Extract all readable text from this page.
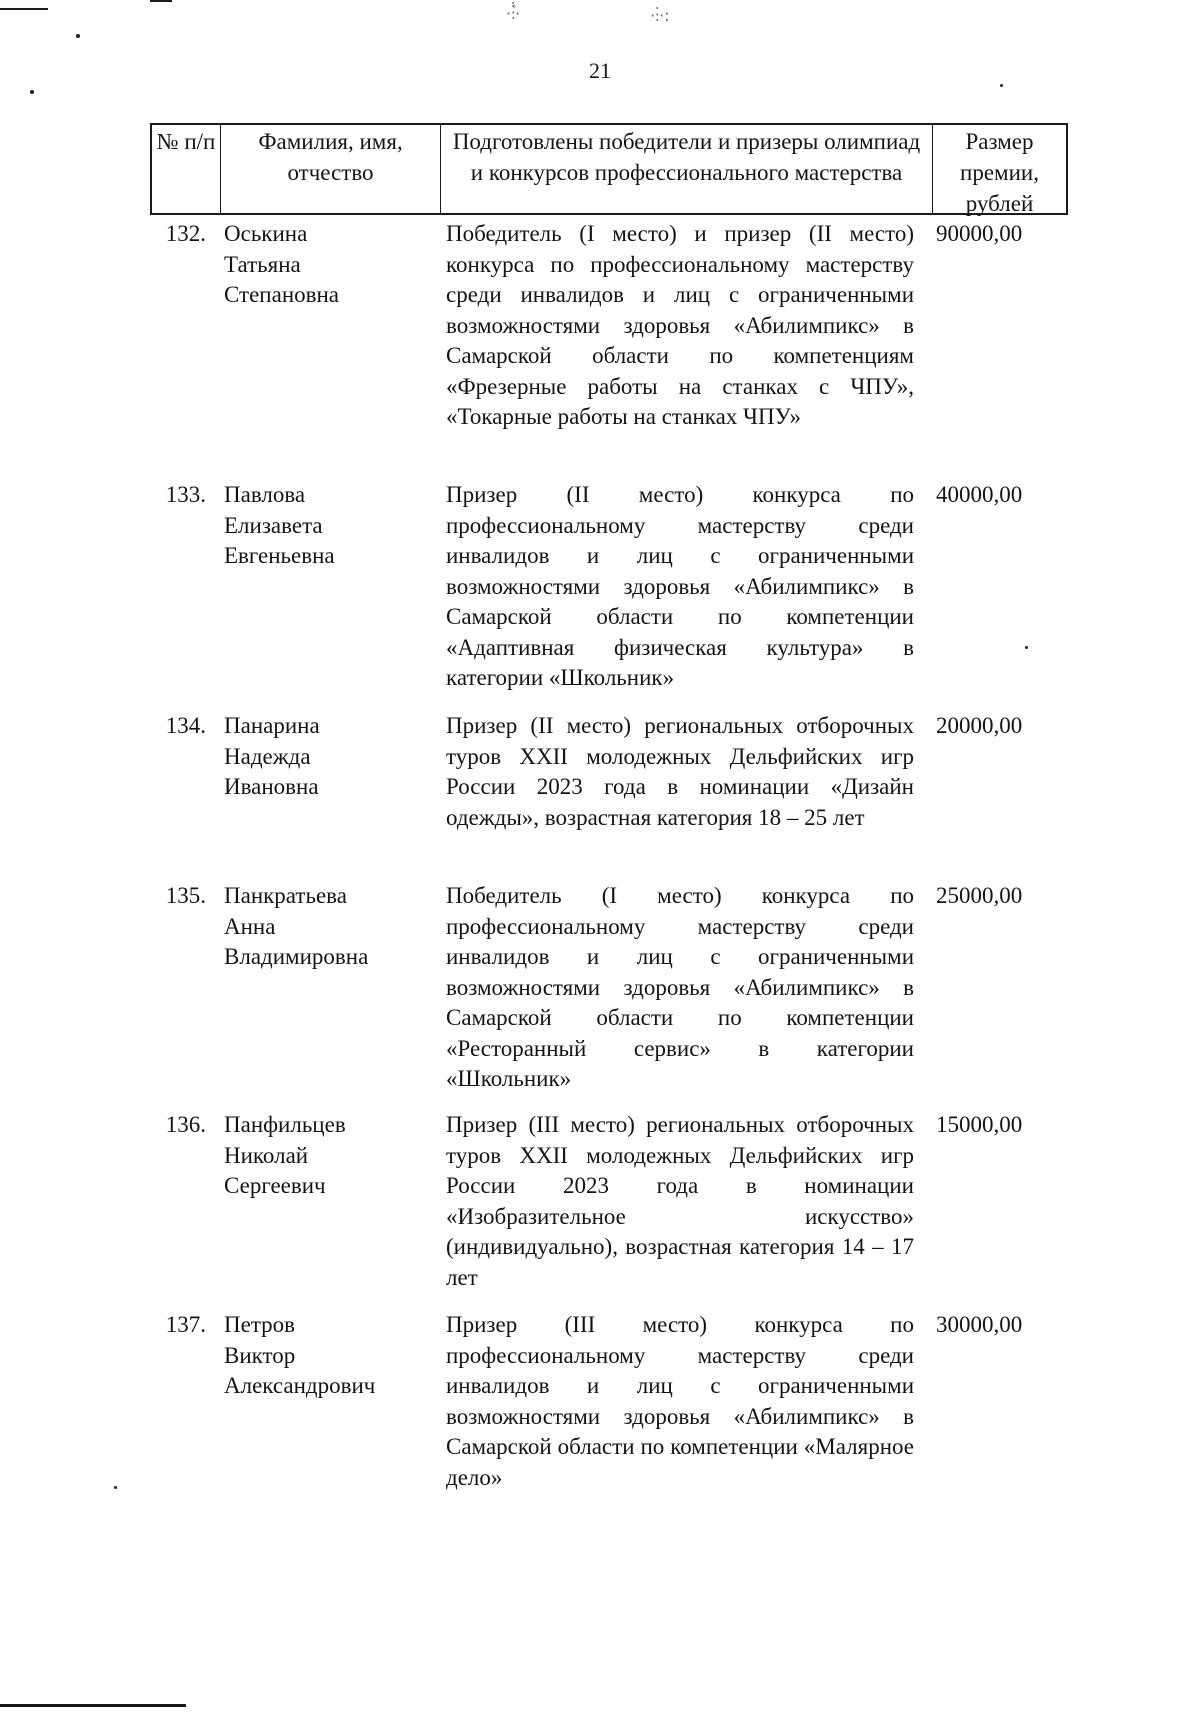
·:۫۬۬·	·:۬·:
21
№ п/п	Фамилия, имя, отчество
Подготовлены победители и призеры олимпиад и конкурсов профессионального мастерства
Размер премии, рублей
132. Оськина
Татьяна
Степановна
Победитель (I место) и призер (II место) конкурса по профессиональному мастерству среди инвалидов и лиц с ограниченными возможностями здоровья «Абилимпикс» в Самарской области по компетенциям «Фрезерные работы на станках с ЧПУ», «Токарные работы на станках ЧПУ»
90000,00
133. Павлова
Елизавета
Евгеньевна
Призер (II место) конкурса по профессиональному мастерству среди инвалидов и лиц с ограниченными возможностями здоровья «Абилимпикс» в Самарской области по компетенции «Адаптивная физическая культура» в категории «Школьник»
40000,00
134. Панарина
Надежда
Ивановна
Призер (II место) региональных отборочных туров XXII молодежных Дельфийских игр России 2023 года в номинации «Дизайн одежды», возрастная категория 18 – 25 лет
20000,00
135. Панкратьева
Анна
Владимировна
Победитель (I место) конкурса по профессиональному мастерству среди инвалидов и лиц с ограниченными возможностями здоровья «Абилимпикс» в Самарской области по компетенции «Ресторанный сервис» в категории «Школьник»
25000,00
136. Панфильцев
Николай
Сергеевич
Призер (III место) региональных отборочных туров XXII молодежных Дельфийских игр России 2023 года в номинации «Изобразительное искусство» (индивидуально), возрастная категория 14 – 17 лет
15000,00
137. Петров
Виктор
Александрович
Призер (III место) конкурса по профессиональному мастерству среди инвалидов и лиц с ограниченными возможностями здоровья «Абилимпикс» в Самарской области по компетенции «Малярное дело»
30000,00
